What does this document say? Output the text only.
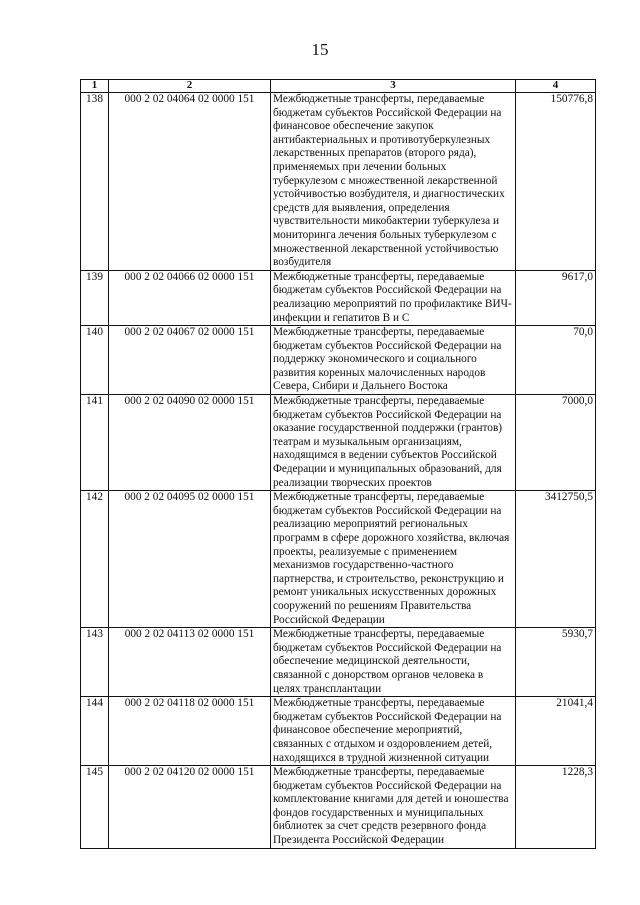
15
1	2	3	4
138	000 2 02 04064 02 0000 151	Межбюджетные трансферты, передаваемые бюджетам субъектов Российской Федерации на финансовое обеспечение закупок антибактериальных и противотуберкулезных лекарственных препаратов (второго ряда), применяемых при лечении больных туберкулезом с множественной лекарственной устойчивостью возбудителя, и диагностических средств для выявления, определения чувствительности микобактерии туберкулеза и мониторинга лечения больных туберкулезом с множественной лекарственной устойчивостью возбудителя	150776,8
139	000 2 02 04066 02 0000 151	Межбюджетные трансферты, передаваемые бюджетам субъектов Российской Федерации на реализацию мероприятий по профилактике ВИЧ-инфекции и гепатитов В и С	9617,0
140	000 2 02 04067 02 0000 151	Межбюджетные трансферты, передаваемые бюджетам субъектов Российской Федерации на поддержку экономического и социального развития коренных малочисленных народов Севера, Сибири и Дальнего Востока	70,0
141	000 2 02 04090 02 0000 151	Межбюджетные трансферты, передаваемые бюджетам субъектов Российской Федерации на оказание государственной поддержки (грантов) театрам и музыкальным организациям, находящимся в ведении субъектов Российской Федерации и муниципальных образований, для реализации творческих проектов	7000,0
142	000 2 02 04095 02 0000 151	Межбюджетные трансферты, передаваемые бюджетам субъектов Российской Федерации на реализацию мероприятий региональных программ в сфере дорожного хозяйства, включая проекты, реализуемые с применением механизмов государственно-частного партнерства, и строительство, реконструкцию и ремонт уникальных искусственных дорожных сооружений по решениям Правительства Российской Федерации	3412750,5
143	000 2 02 04113 02 0000 151	Межбюджетные трансферты, передаваемые бюджетам субъектов Российской Федерации на обеспечение медицинской деятельности, связанной с донорством органов человека в целях трансплантации	5930,7
144	000 2 02 04118 02 0000 151	Межбюджетные трансферты, передаваемые бюджетам субъектов Российской Федерации на финансовое обеспечение мероприятий, связанных с отдыхом и оздоровлением детей, находящихся в трудной жизненной ситуации	21041,4
145	000 2 02 04120 02 0000 151	Межбюджетные трансферты, передаваемые бюджетам субъектов Российской Федерации на комплектование книгами для детей и юношества фондов государственных и муниципальных библиотек за счет средств резервного фонда Президента Российской Федерации	1228,3
